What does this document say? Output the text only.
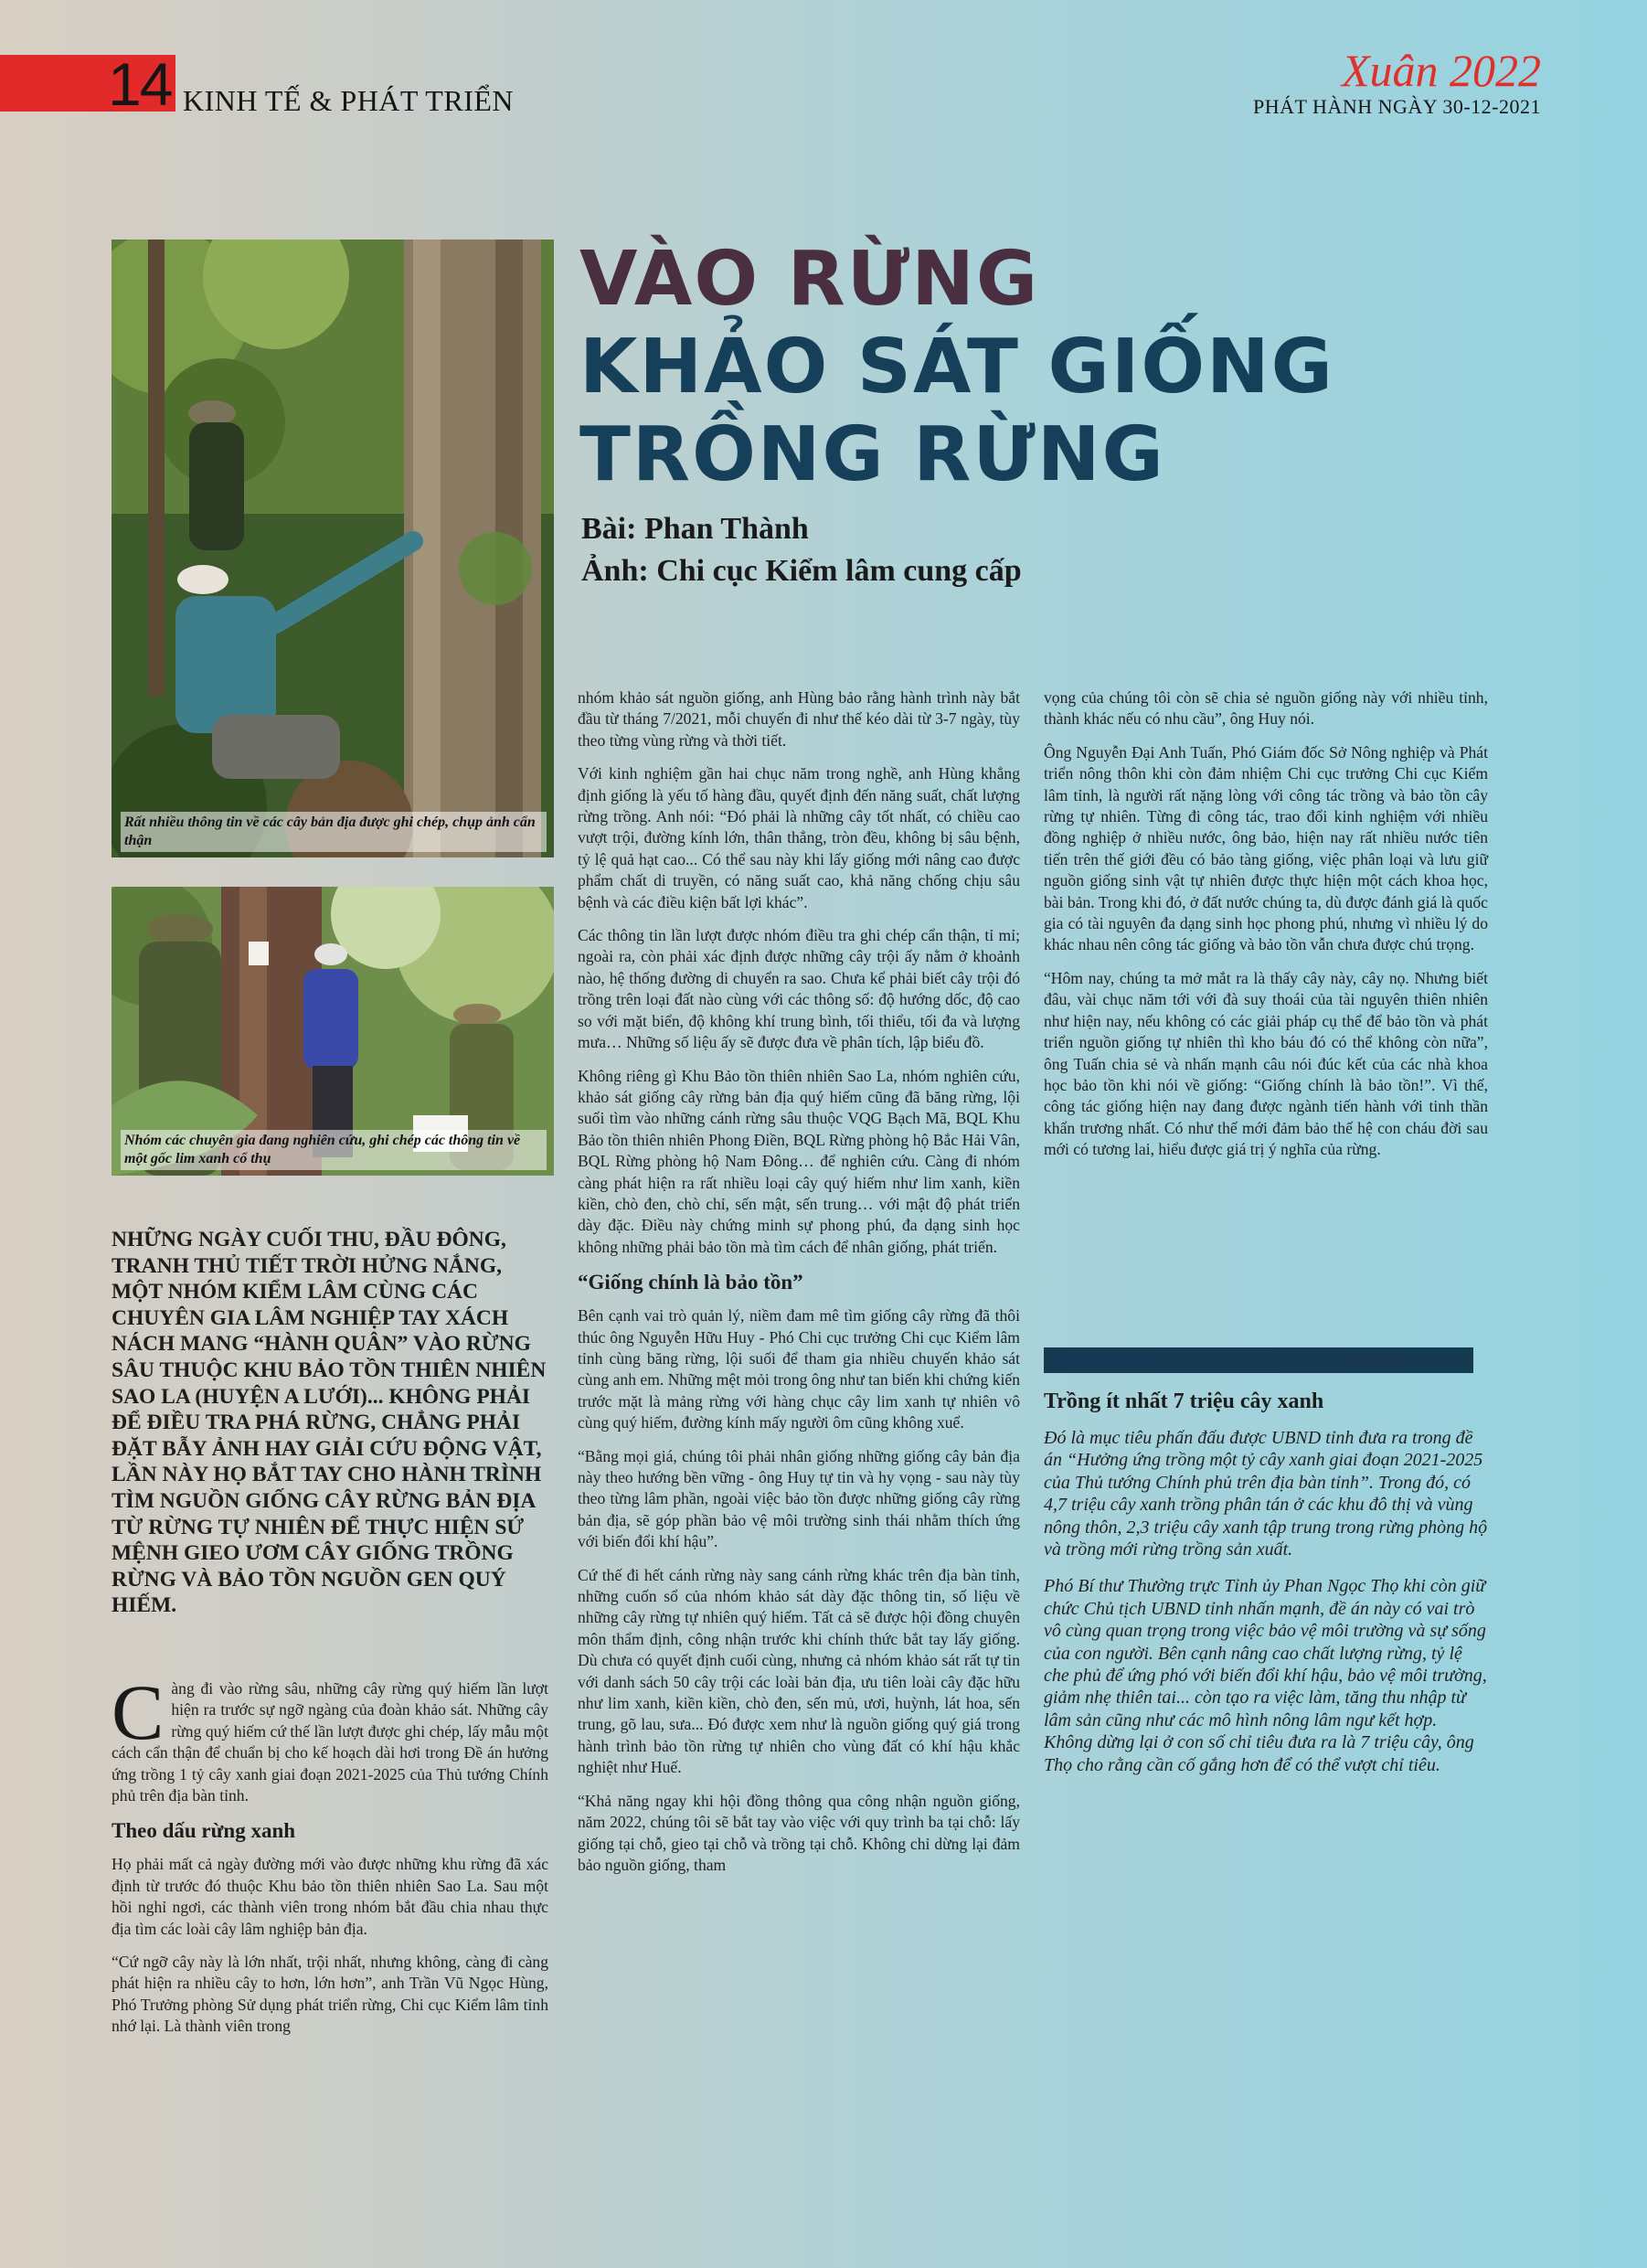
14 KINH TẾ & PHÁT TRIỂN
Xuân 2022
PHÁT HÀNH NGÀY 30-12-2021
Rất nhiều thông tin về các cây bản địa được ghi chép, chụp ảnh cẩn thận
Nhóm các chuyên gia đang nghiên cứu, ghi chép các thông tin về một gốc lim xanh cổ thụ
VÀO RỪNG
KHẢO SÁT GIỐNG
TRỒNG RỪNG
Bài: Phan Thành
Ảnh: Chi cục Kiểm lâm cung cấp

NHỮNG NGÀY CUỐI THU, ĐẦU ĐÔNG, TRANH THỦ TIẾT TRỜI HỬNG NẮNG, MỘT NHÓM KIỂM LÂM CÙNG CÁC CHUYÊN GIA LÂM NGHIỆP TAY XÁCH NÁCH MANG “HÀNH QUÂN” VÀO RỪNG SÂU THUỘC KHU BẢO TỒN THIÊN NHIÊN SAO LA (HUYỆN A LƯỚI)... KHÔNG PHẢI ĐỂ ĐIỀU TRA PHÁ RỪNG, CHẲNG PHẢI ĐẶT BẪY ẢNH HAY GIẢI CỨU ĐỘNG VẬT, LẦN NÀY HỌ BẮT TAY CHO HÀNH TRÌNH TÌM NGUỒN GIỐNG CÂY RỪNG BẢN ĐỊA TỪ RỪNG TỰ NHIÊN ĐỂ THỰC HIỆN SỨ MỆNH GIEO ƯƠM CÂY GIỐNG TRỒNG RỪNG VÀ BẢO TỒN NGUỒN GEN QUÝ HIẾM.

Càng đi vào rừng sâu, những cây rừng quý hiếm lần lượt hiện ra trước sự ngỡ ngàng của đoàn khảo sát. Những cây rừng quý hiếm cứ thế lần lượt được ghi chép, lấy mẫu một cách cẩn thận để chuẩn bị cho kế hoạch dài hơi trong Đề án hưởng ứng trồng 1 tỷ cây xanh giai đoạn 2021-2025 của Thủ tướng Chính phủ trên địa bàn tỉnh.

Theo dấu rừng xanh

Họ phải mất cả ngày đường mới vào được những khu rừng đã xác định từ trước đó thuộc Khu bảo tồn thiên nhiên Sao La. Sau một hồi nghỉ ngơi, các thành viên trong nhóm bắt đầu chia nhau thực địa tìm các loài cây lâm nghiệp bản địa.

“Cứ ngỡ cây này là lớn nhất, trội nhất, nhưng không, càng đi càng phát hiện ra nhiều cây to hơn, lớn hơn”, anh Trần Vũ Ngọc Hùng, Phó Trưởng phòng Sử dụng phát triển rừng, Chi cục Kiểm lâm tỉnh nhớ lại. Là thành viên trong

nhóm khảo sát nguồn giống, anh Hùng bảo rằng hành trình này bắt đầu từ tháng 7/2021, mỗi chuyến đi như thế kéo dài từ 3-7 ngày, tùy theo từng vùng rừng và thời tiết.

Với kinh nghiệm gần hai chục năm trong nghề, anh Hùng khẳng định giống là yếu tố hàng đầu, quyết định đến năng suất, chất lượng rừng trồng. Anh nói: “Đó phải là những cây tốt nhất, có chiều cao vượt trội, đường kính lớn, thân thẳng, tròn đều, không bị sâu bệnh, tỷ lệ quả hạt cao... Có thể sau này khi lấy giống mới nâng cao được phẩm chất di truyền, có năng suất cao, khả năng chống chịu sâu bệnh và các điều kiện bất lợi khác”.

Các thông tin lần lượt được nhóm điều tra ghi chép cẩn thận, tỉ mỉ; ngoài ra, còn phải xác định được những cây trội ấy nằm ở khoảnh nào, hệ thống đường di chuyển ra sao. Chưa kể phải biết cây trội đó trồng trên loại đất nào cùng với các thông số: độ hướng dốc, độ cao so với mặt biển, độ không khí trung bình, tối thiểu, tối đa và lượng mưa… Những số liệu ấy sẽ được đưa về phân tích, lập biểu đồ.

Không riêng gì Khu Bảo tồn thiên nhiên Sao La, nhóm nghiên cứu, khảo sát giống cây rừng bản địa quý hiếm cũng đã băng rừng, lội suối tìm vào những cánh rừng sâu thuộc VQG Bạch Mã, BQL Khu Bảo tồn thiên nhiên Phong Điền, BQL Rừng phòng hộ Bắc Hải Vân, BQL Rừng phòng hộ Nam Đông… để nghiên cứu. Càng đi nhóm càng phát hiện ra rất nhiều loại cây quý hiếm như lim xanh, kiền kiền, chò đen, chò chỉ, sến mật, sến trung… với mật độ phát triển dày đặc. Điều này chứng minh sự phong phú, đa dạng sinh học không những phải bảo tồn mà tìm cách để nhân giống, phát triển.

“Giống chính là bảo tồn”

Bên cạnh vai trò quản lý, niềm đam mê tìm giống cây rừng đã thôi thúc ông Nguyễn Hữu Huy - Phó Chi cục trưởng Chi cục Kiểm lâm tỉnh cùng băng rừng, lội suối để tham gia nhiều chuyến khảo sát cùng anh em. Những mệt mỏi trong ông như tan biến khi chứng kiến trước mặt là mảng rừng với hàng chục cây lim xanh tự nhiên vô cùng quý hiếm, đường kính mấy người ôm cũng không xuể.

“Bằng mọi giá, chúng tôi phải nhân giống những giống cây bản địa này theo hướng bền vững - ông Huy tự tin và hy vọng - sau này tùy theo từng lâm phần, ngoài việc bảo tồn được những giống cây rừng bản địa, sẽ góp phần bảo vệ môi trường sinh thái nhằm thích ứng với biến đổi khí hậu”.

Cứ thế đi hết cánh rừng này sang cánh rừng khác trên địa bàn tỉnh, những cuốn sổ của nhóm khảo sát dày đặc thông tin, số liệu về những cây rừng tự nhiên quý hiếm. Tất cả sẽ được hội đồng chuyên môn thẩm định, công nhận trước khi chính thức bắt tay lấy giống. Dù chưa có quyết định cuối cùng, nhưng cả nhóm khảo sát rất tự tin với danh sách 50 cây trội các loài bản địa, ưu tiên loài cây đặc hữu như lim xanh, kiền kiền, chò đen, sến mủ, ươi, huỳnh, lát hoa, sến trung, gõ lau, sưa... Đó được xem như là nguồn giống quý giá trong hành trình bảo tồn rừng tự nhiên cho vùng đất có khí hậu khắc nghiệt như Huế.

“Khả năng ngay khi hội đồng thông qua công nhận nguồn giống, năm 2022, chúng tôi sẽ bắt tay vào việc với quy trình ba tại chỗ: lấy giống tại chỗ, gieo tại chỗ và trồng tại chỗ. Không chỉ dừng lại đảm bảo nguồn giống, tham

vọng của chúng tôi còn sẽ chia sẻ nguồn giống này với nhiều tỉnh, thành khác nếu có nhu cầu”, ông Huy nói.

Ông Nguyễn Đại Anh Tuấn, Phó Giám đốc Sở Nông nghiệp và Phát triển nông thôn khi còn đảm nhiệm Chi cục trưởng Chi cục Kiểm lâm tỉnh, là người rất nặng lòng với công tác trồng và bảo tồn cây rừng tự nhiên. Từng đi công tác, trao đổi kinh nghiệm với nhiều đồng nghiệp ở nhiều nước, ông bảo, hiện nay rất nhiều nước tiên tiến trên thế giới đều có bảo tàng giống, việc phân loại và lưu giữ nguồn giống sinh vật tự nhiên được thực hiện một cách khoa học, bài bản. Trong khi đó, ở đất nước chúng ta, dù được đánh giá là quốc gia có tài nguyên đa dạng sinh học phong phú, nhưng vì nhiều lý do khác nhau nên công tác giống và bảo tồn vẫn chưa được chú trọng.

“Hôm nay, chúng ta mở mắt ra là thấy cây này, cây nọ. Nhưng biết đâu, vài chục năm tới với đà suy thoái của tài nguyên thiên nhiên như hiện nay, nếu không có các giải pháp cụ thể để bảo tồn và phát triển nguồn giống tự nhiên thì kho báu đó có thể không còn nữa”, ông Tuấn chia sẻ và nhấn mạnh câu nói đúc kết của các nhà khoa học bảo tồn khi nói về giống: “Giống chính là bảo tồn!”. Vì thế, công tác giống hiện nay đang được ngành tiến hành với tinh thần khẩn trương nhất. Có như thế mới đảm bảo thế hệ con cháu đời sau mới có tương lai, hiểu được giá trị ý nghĩa của rừng.

Trồng ít nhất 7 triệu cây xanh

Đó là mục tiêu phấn đấu được UBND tỉnh đưa ra trong đề án “Hưởng ứng trồng một tỷ cây xanh giai đoạn 2021-2025 của Thủ tướng Chính phủ trên địa bàn tỉnh”. Trong đó, có 4,7 triệu cây xanh trồng phân tán ở các khu đô thị và vùng nông thôn, 2,3 triệu cây xanh tập trung trong rừng phòng hộ và trồng mới rừng trồng sản xuất.

Phó Bí thư Thường trực Tỉnh ủy Phan Ngọc Thọ khi còn giữ chức Chủ tịch UBND tỉnh nhấn mạnh, đề án này có vai trò vô cùng quan trọng trong việc bảo vệ môi trường và sự sống của con người. Bên cạnh nâng cao chất lượng rừng, tỷ lệ che phủ để ứng phó với biến đổi khí hậu, bảo vệ môi trường, giảm nhẹ thiên tai... còn tạo ra việc làm, tăng thu nhập từ lâm sản cũng như các mô hình nông lâm ngư kết hợp. Không dừng lại ở con số chỉ tiêu đưa ra là 7 triệu cây, ông Thọ cho rằng cần cố gắng hơn để có thể vượt chỉ tiêu.
